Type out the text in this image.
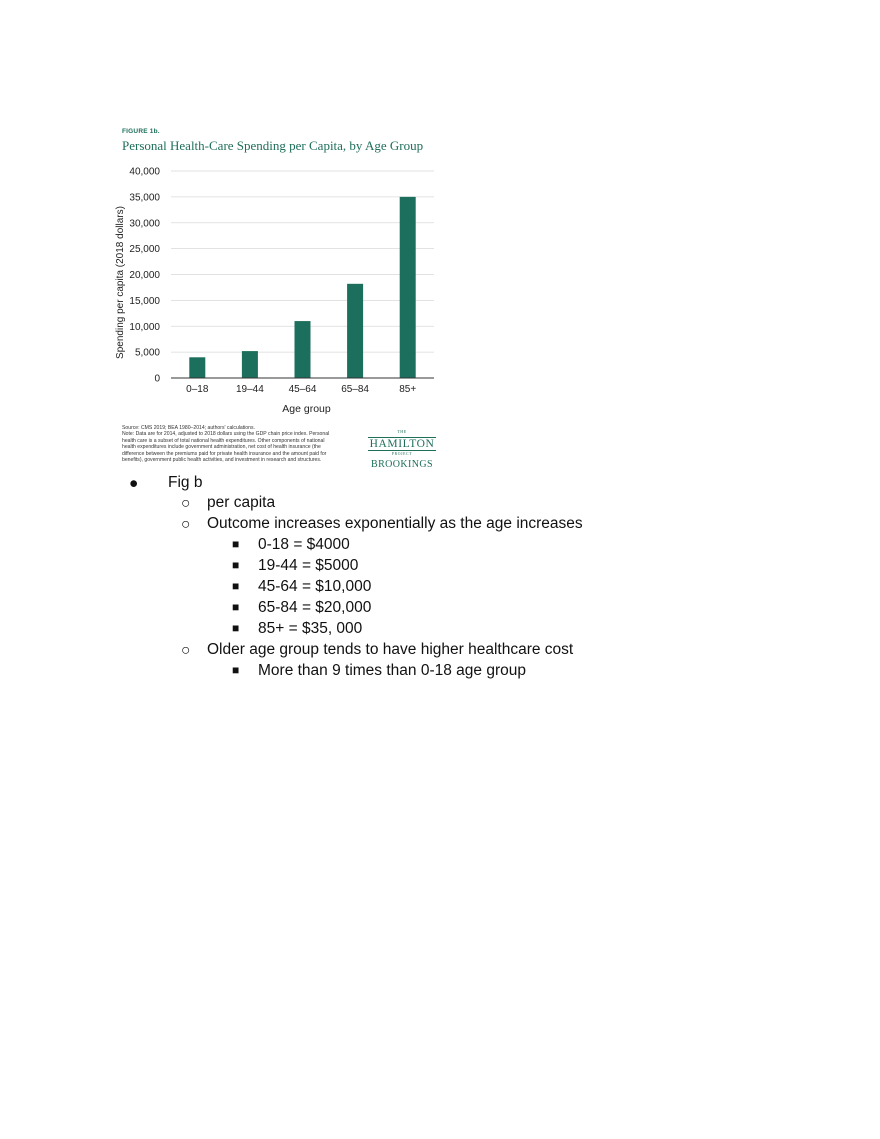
0
5,000
10,000
15,000
20,000
25,000
30,000
35,000
40,000
0–18	19–44 45–64 65–84	85+
Age group
Spending per capita (2018 dollars)
FIGURE 1b.
Personal Health-Care Spending per Capita, by Age Group
Source: CMS 2019; BEA 1980–2014; authors' calculations.
Note: Data are for 2014, adjusted to 2018 dollars using the GDP chain price index. Personal
health care is a subset of total national health expenditures. Other components of national
health expenditures include government administration, net cost of health insurance (the
difference between the premiums paid for private health insurance and the amount paid for
benefits), government public health activities, and investment in research and structures.
THE
HAMILTON
PROJECT
BROOKINGS
● Fig b
○ per capita
○ Outcome increases exponentially as the age increases
■ 0-18 = $4000
■ 19-44 = $5000
■ 45-64 = $10,000
■ 65-84 = $20,000
■ 85+ = $35, 000
○ Older age group tends to have higher healthcare cost
■ More than 9 times than 0-18 age group
